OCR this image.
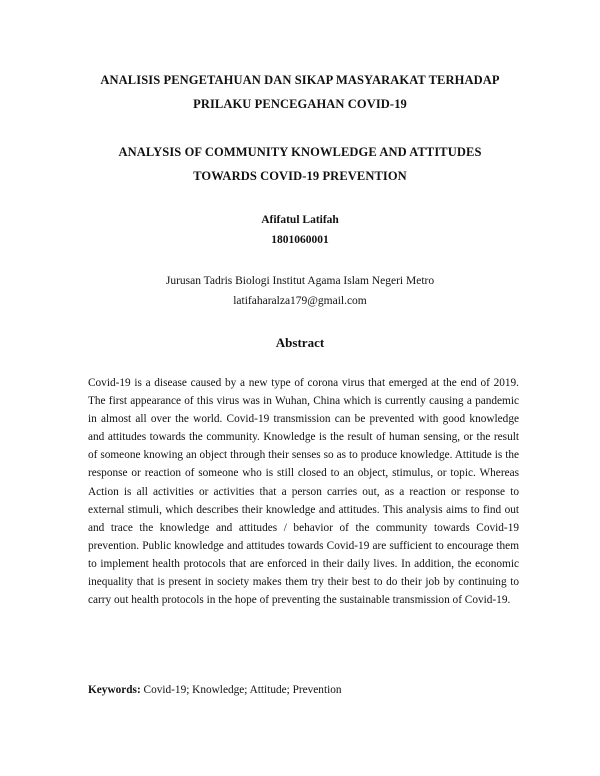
ANALISIS PENGETAHUAN DAN SIKAP MASYARAKAT TERHADAP
PRILAKU PENCEGAHAN COVID-19
ANALYSIS OF COMMUNITY KNOWLEDGE AND ATTITUDES
TOWARDS COVID-19 PREVENTION
Afifatul Latifah
1801060001
Jurusan Tadris Biologi Institut Agama Islam Negeri Metro
latifaharalza179@gmail.com
Abstract

Covid-19 is a disease caused by a new type of corona virus that emerged at the end of 2019. The first appearance of this virus was in Wuhan, China which is currently causing a pandemic in almost all over the world. Covid-19 transmission can be prevented with good knowledge and attitudes towards the community. Knowledge is the result of human sensing, or the result of someone knowing an object through their senses so as to produce knowledge. Attitude is the response or reaction of someone who is still closed to an object, stimulus, or topic. Whereas Action is all activities or activities that a person carries out, as a reaction or response to external stimuli, which describes their knowledge and attitudes. This analysis aims to find out and trace the knowledge and attitudes / behavior of the community towards Covid-19 prevention. Public knowledge and attitudes towards Covid-19 are sufficient to encourage them to implement health protocols that are enforced in their daily lives. In addition, the economic inequality that is present in society makes them try their best to do their job by continuing to carry out health protocols in the hope of preventing the sustainable transmission of Covid-19.

Keywords: Covid-19; Knowledge; Attitude; Prevention
